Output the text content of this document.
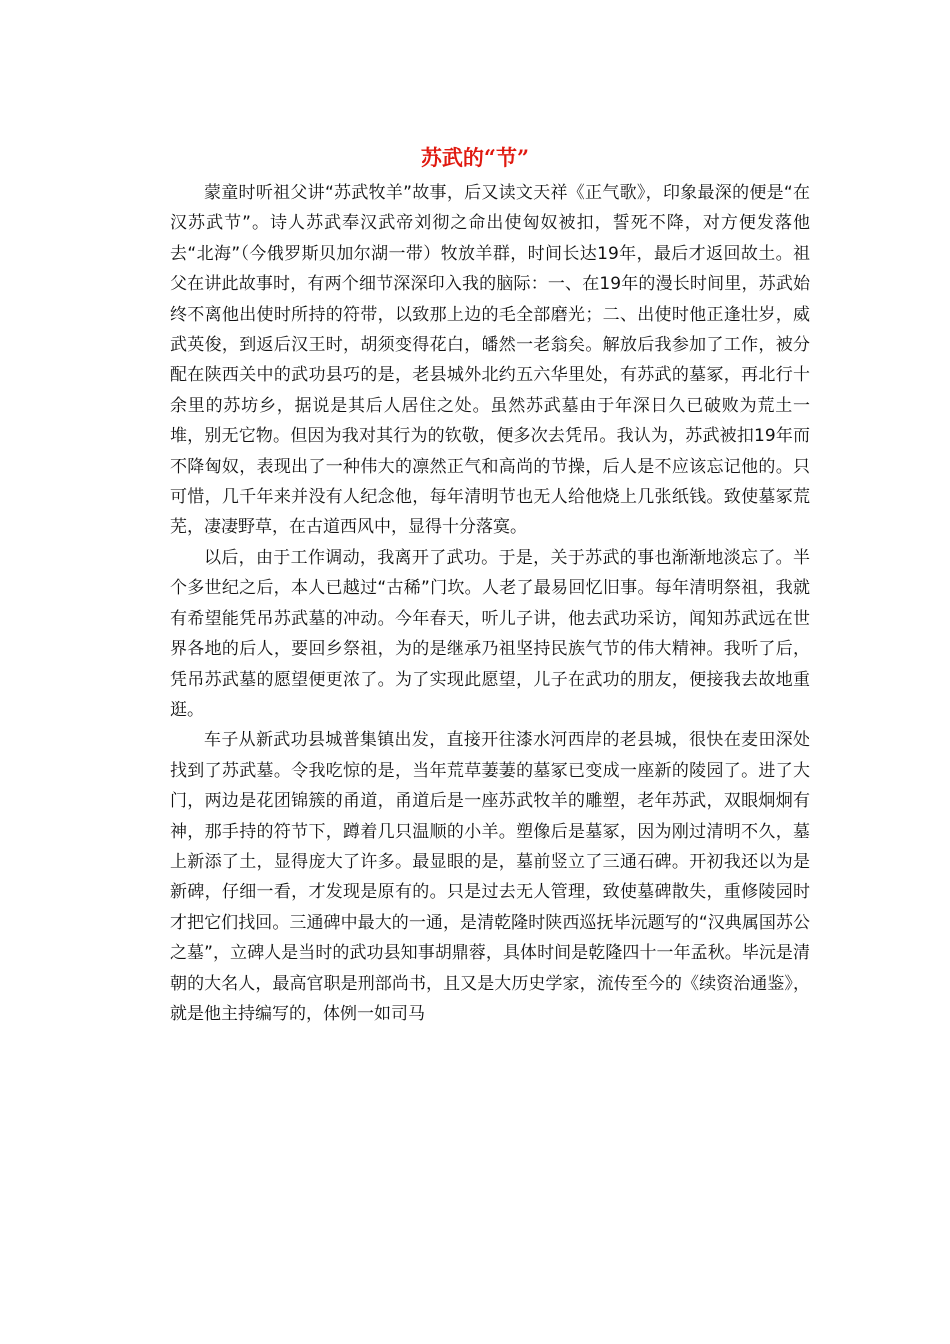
苏武的“节”

蒙童时听祖父讲“苏武牧羊”故事，后又读文天祥《正气歌》，印象最深的便是“在汉苏武节”。诗人苏武奉汉武帝刘彻之命出使匈奴被扣，誓死不降，对方便发落他去“北海”（今俄罗斯贝加尔湖一带）牧放羊群，时间长达19年，最后才返回故土。祖父在讲此故事时，有两个细节深深印入我的脑际：一、在19年的漫长时间里，苏武始终不离他出使时所持的符带，以致那上边的毛全部磨光；二、出使时他正逢壮岁，威武英俊，到返后汉王时，胡须变得花白，皤然一老翁矣。解放后我参加了工作，被分配在陕西关中的武功县巧的是，老县城外北约五六华里处，有苏武的墓冢，再北行十余里的苏坊乡，据说是其后人居住之处。虽然苏武墓由于年深日久已破败为荒土一堆，别无它物。但因为我对其行为的钦敬，便多次去凭吊。我认为，苏武被扣19年而不降匈奴，表现出了一种伟大的凛然正气和高尚的节操，后人是不应该忘记他的。只可惜，几千年来并没有人纪念他，每年清明节也无人给他烧上几张纸钱。致使墓冢荒芜，凄凄野草，在古道西风中，显得十分落寞。

以后，由于工作调动，我离开了武功。于是，关于苏武的事也渐渐地淡忘了。半个多世纪之后，本人已越过“古稀”门坎。人老了最易回忆旧事。每年清明祭祖，我就有希望能凭吊苏武墓的冲动。今年春天，听儿子讲，他去武功采访，闻知苏武远在世界各地的后人，要回乡祭祖，为的是继承乃祖坚持民族气节的伟大精神。我听了后，凭吊苏武墓的愿望便更浓了。为了实现此愿望，儿子在武功的朋友，便接我去故地重逛。

车子从新武功县城普集镇出发，直接开往漆水河西岸的老县城，很快在麦田深处找到了苏武墓。令我吃惊的是，当年荒草萋萋的墓冢已变成一座新的陵园了。进了大门，两边是花团锦簇的甬道，甬道后是一座苏武牧羊的雕塑，老年苏武，双眼炯炯有神，那手持的符节下，蹲着几只温顺的小羊。塑像后是墓冢，因为刚过清明不久，墓上新添了土，显得庞大了许多。最显眼的是，墓前竖立了三通石碑。开初我还以为是新碑，仔细一看，才发现是原有的。只是过去无人管理，致使墓碑散失，重修陵园时才把它们找回。三通碑中最大的一通，是清乾隆时陕西巡抚毕沅题写的“汉典属国苏公之墓”，立碑人是当时的武功县知事胡鼎蓉，具体时间是乾隆四十一年孟秋。毕沅是清朝的大名人，最高官职是刑部尚书，且又是大历史学家，流传至今的《续资治通鉴》，就是他主持编写的，体例一如司马
